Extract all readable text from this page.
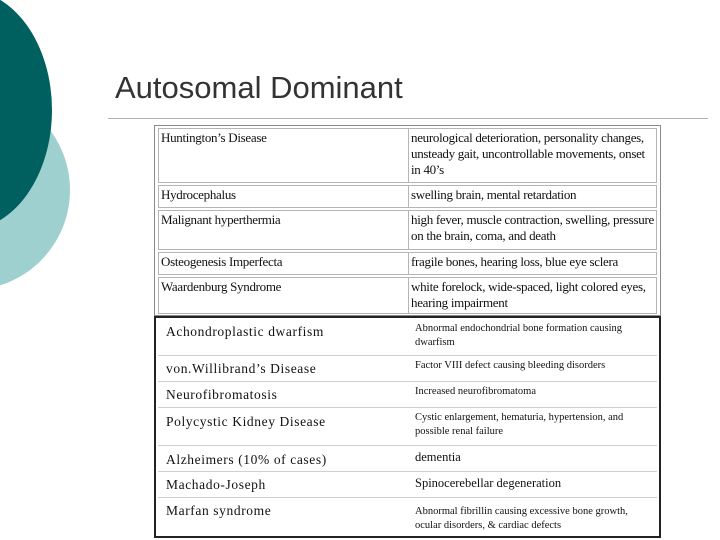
Autosomal Dominant
Huntington’s Disease	neurological deterioration, personality changes, unsteady gait, uncontrollable movements, onset in 40’s
Hydrocephalus	swelling brain, mental retardation
Malignant hyperthermia	high fever, muscle contraction, swelling, pressure on the brain, coma, and death
Osteogenesis Imperfecta	fragile bones, hearing loss, blue eye sclera
Waardenburg Syndrome	white forelock, wide-spaced, light colored eyes, hearing impairment
Achondroplastic dwarfism	Abnormal endochondrial bone formation causing dwarfism
von.Willibrand’s Disease	Factor VIII defect causing bleeding disorders
Neurofibromatosis	Increased neurofibromatoma
Polycystic Kidney Disease	Cystic enlargement, hematuria, hypertension, and possible renal failure
Alzheimers (10% of cases)	dementia
Machado-Joseph	Spinocerebellar degeneration
Marfan syndrome	Abnormal fibrillin causing excessive bone growth, ocular disorders, & cardiac defects
